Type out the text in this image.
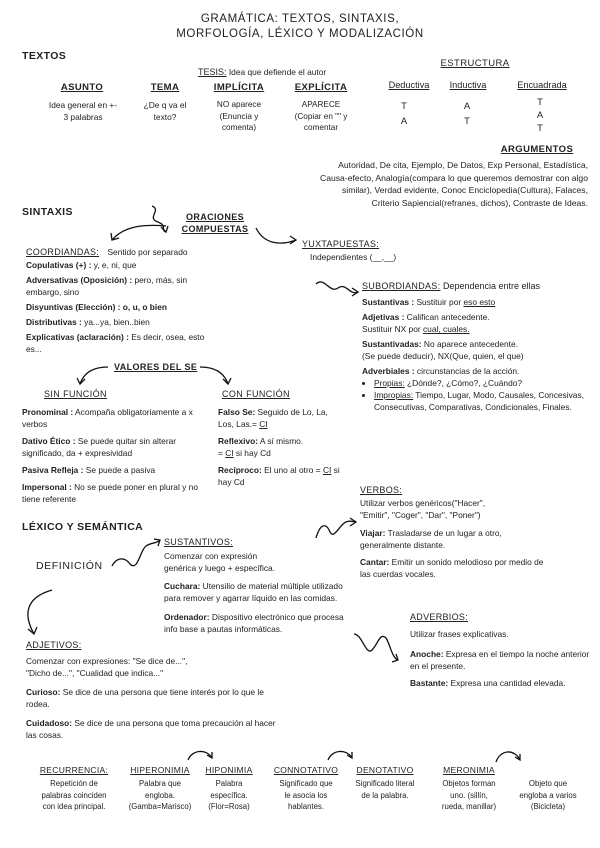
GRAMÁTICA: TEXTOS, SINTAXIS,
MORFOLOGÍA, LÉXICO Y MODALIZACIÓN
TEXTOS
TESIS: Idea que defiende el autor
ASUNTO
Idea general en +-
3 palabras
TEMA
¿De q va el
texto?
IMPLÍCITA
NO aparece
(Enuncia y
comenta)
EXPLÍCITA
APARECE
(Copiar en "" y
comentar
ESTRUCTURA
Deductiva
T
A
Inductiva
A
T
Encuadrada
T
A
T
ARGUMENTOS
Autoridad, De cita, Ejemplo, De Datos, Exp Personal, Estadística,
Causa-efecto, Analogía(compara lo que queremos demostrar con algo
similar), Verdad evidente, Conoc Enciclopedia(Cultura), Falaces,
Criterio Sapiencial(refranes, dichos), Contraste de Ideas.
SINTAXIS	ORACIONES
COMPUESTAS
YUXTAPUESTAS:
Independientes (__,__)
COORDIANDAS: Sentido por separado
Copulativas (+) : y, e, ni, que
Adversativas (Oposición) : pero, más, sin embargo, sino
Disyuntivas (Elección) : o, u, o bien
Distributivas : ya...ya, bien..bien
Explicativas (aclaración) : Es decir, osea, esto es...
SUBORDIANDAS: Dependencia entre ellas
Sustantivas : Sustituir por eso esto
Adjetivas : Califican antecedente.
Sustituir NX por cual, cuales.
Sustantivadas: No aparece antecedente.
(Se puede deducir), NX(Que, quien, el que)
Adverbiales : circunstancias de la acción.
• Propias: ¿Dónde?, ¿Cómo?, ¿Cuándo?
• Impropias: Tiempo, Lugar, Modo, Causales, Concesivas, Consecutivas, Comparativas, Condicionales, Finales.
VALORES DEL SE
SIN FUNCIÓN
Pronominal : Acompaña obligatoriamente a x verbos
Dativo Ético : Se puede quitar sin alterar significado, da + expresividad
Pasiva Refleja : Se puede a pasiva
Impersonal : No se puede poner en plural y no tiene referente
CON FUNCIÓN
Falso Se: Seguido de Lo, La, Los, Las.= CI
Reflexivo: A sí mismo.
= CI si hay Cd
Recíproco: El uno al otro = CI si hay Cd
LÉXICO Y SEMÁNTICA
DEFINICIÓN
SUSTANTIVOS:
Comenzar con expresión
genérica y luego + específica.
Cuchara: Utensilio de material múltiple utilizado para remover y agarrar líquido en las comidas.
Ordenador: Dispositivo electrónico que procesa info base a pautas informáticas.
VERBOS:
Utilizar verbos genéricos("Hacer",
"Emitir", "Coger", "Dar", "Poner")
Viajar: Trasladarse de un lugar a otro, generalmente distante.
Cantar: Emitir un sonido melodioso por medio de las cuerdas vocales.
ADJETIVOS:
Comenzar con expresiones: "Se dice de...",
"Dicho de...", "Cualidad que indica..."
Curioso: Se dice de una persona que tiene interés por lo que le rodea.
Cuidadoso: Se dice de una persona que toma precaución al hacer las cosas.
ADVERBIOS:
Utilizar frases explicativas.
Anoche: Expresa en el tiempo la noche anterior en el presente.
Bastante: Expresa una cantidad elevada.
RECURRENCIA:
Repetición de
palabras coinciden
con idea principal.
HIPERONIMIA
Palabra que
engloba.
(Gamba=Marisco)
HIPONIMIA
Palabra
específica.
(Flor=Rosa)
CONNOTATIVO
Significado que
le asocia los
hablantes.
DENOTATIVO
Significado literal
de la palabra.
MERONIMIA
Objetos forman
uno. (sillín,
rueda, manillar)
Objeto que
engloba a varios
(Bicicleta)
